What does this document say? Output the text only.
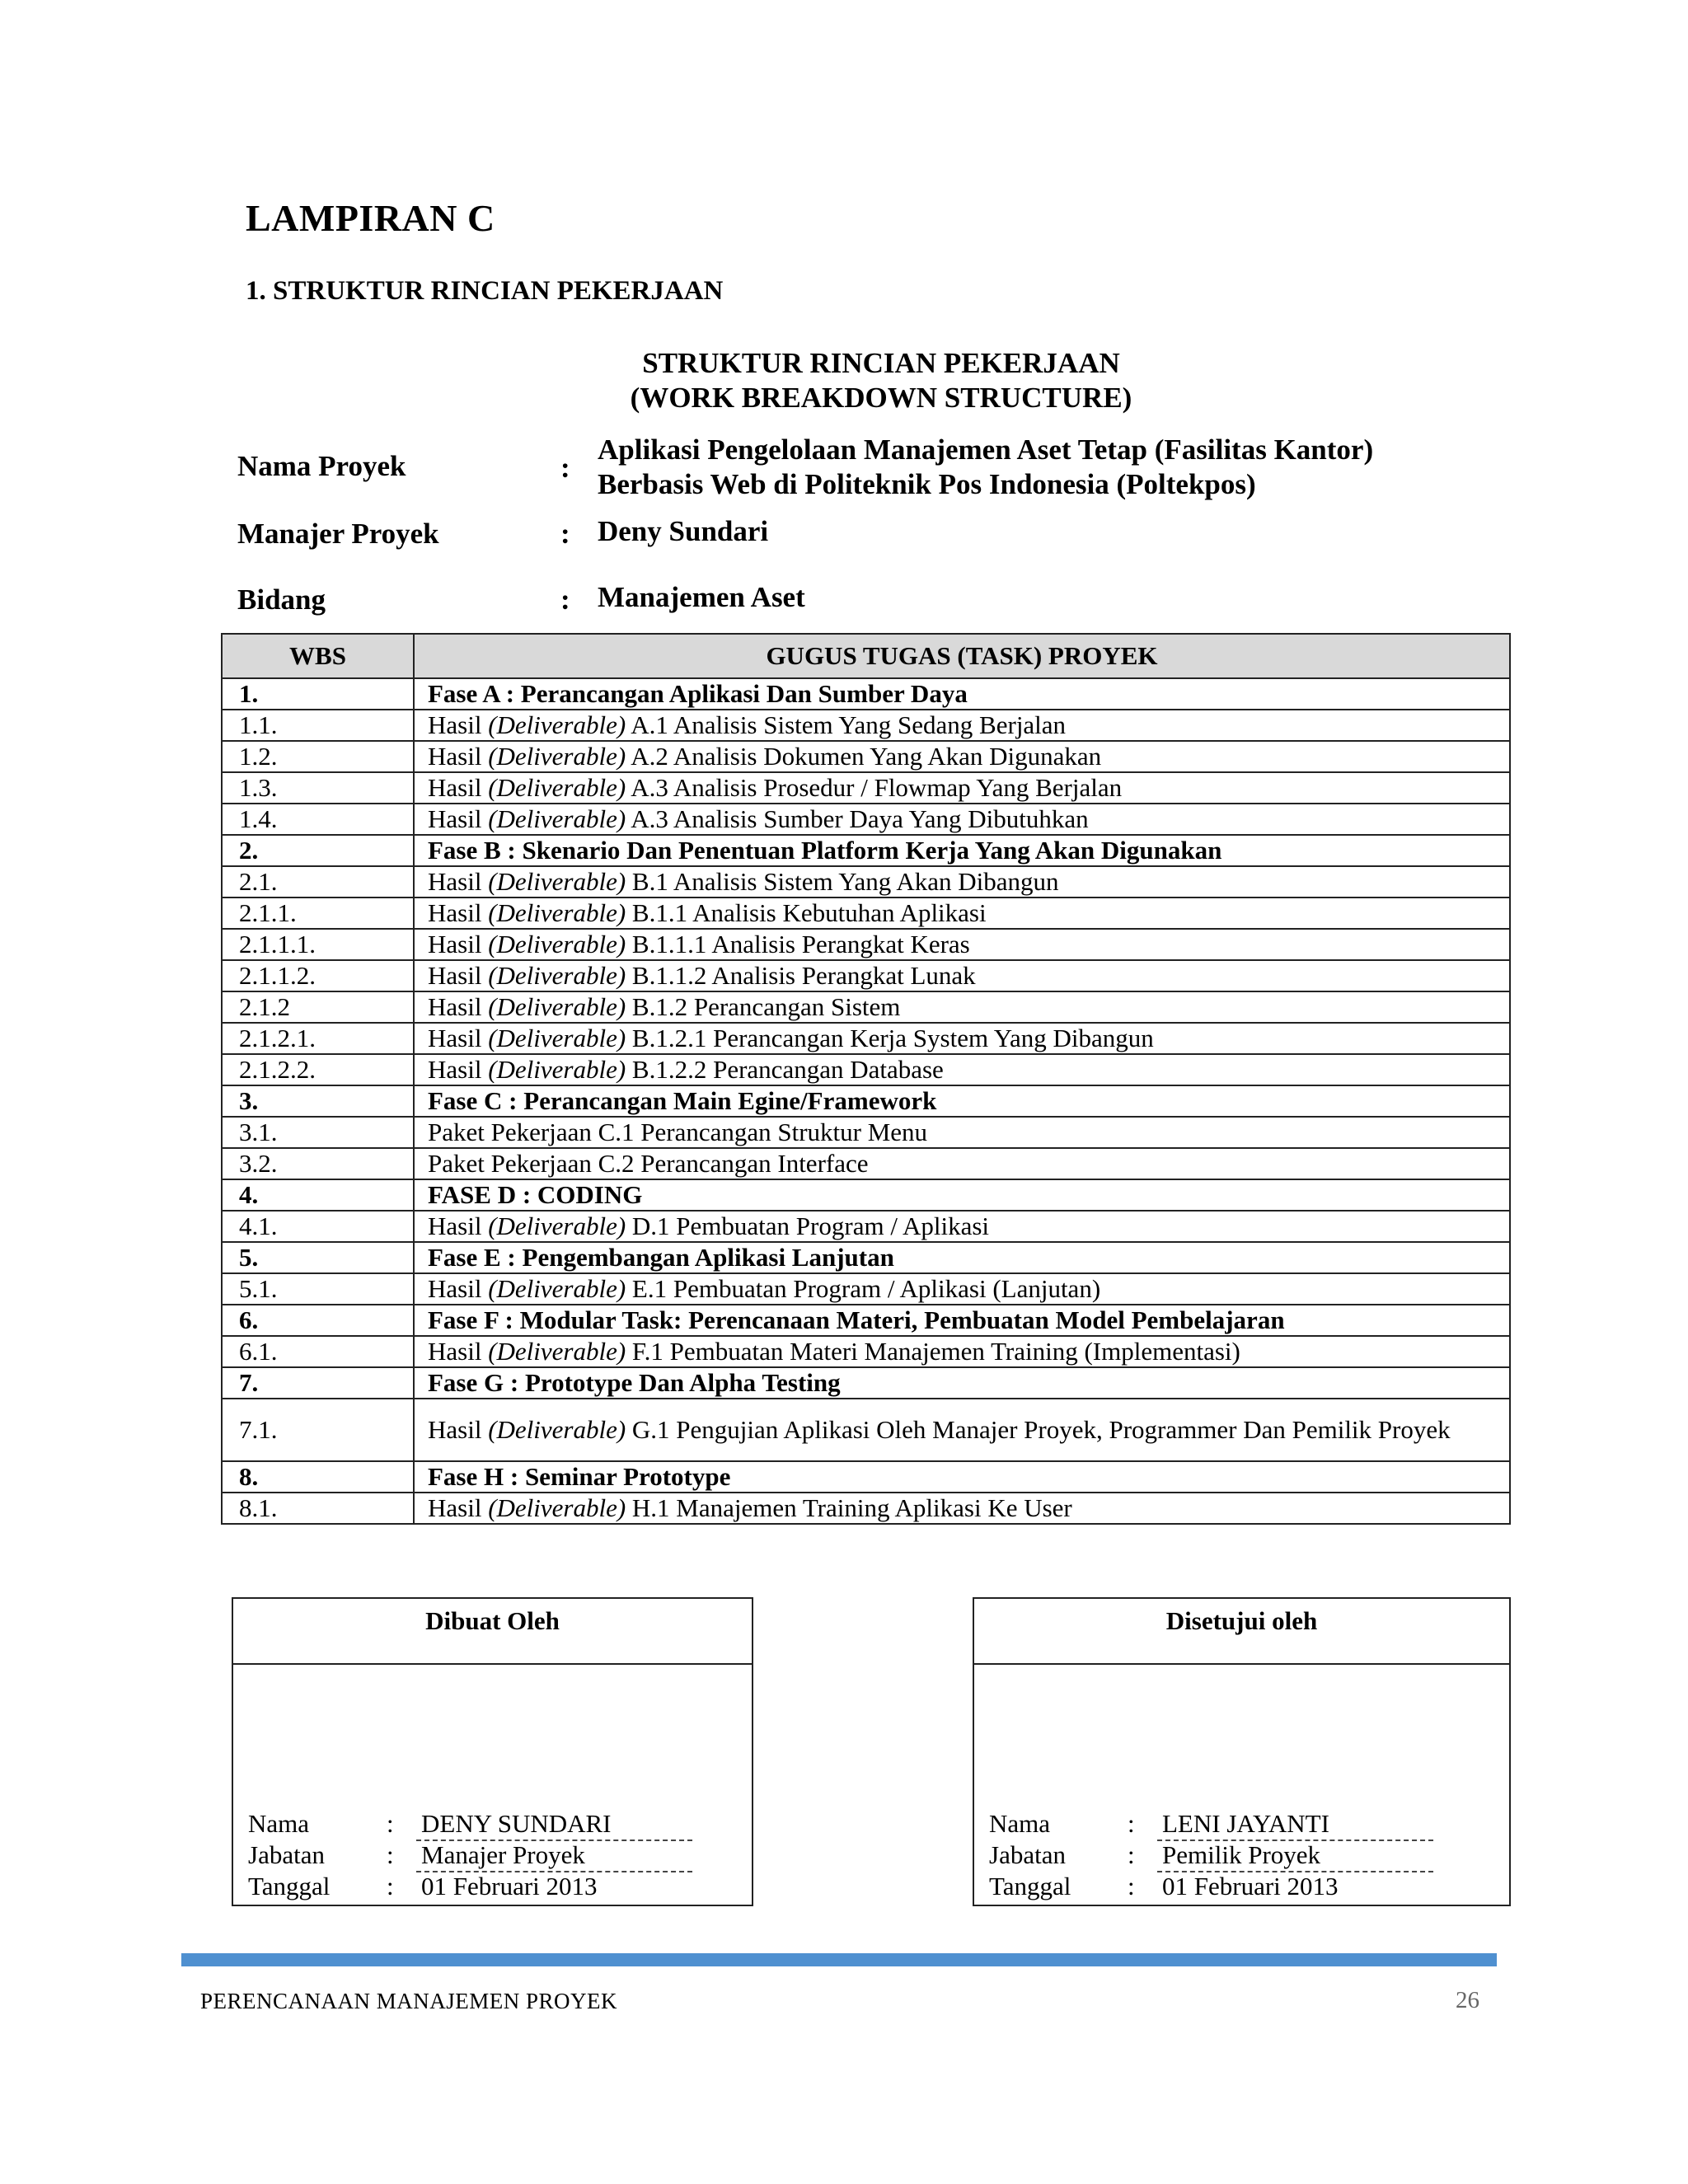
LAMPIRAN C
1. STRUKTUR RINCIAN PEKERJAAN
STRUKTUR RINCIAN PEKERJAAN
(WORK BREAKDOWN STRUCTURE)
Nama Proyek	:
Aplikasi Pengelolaan Manajemen Aset Tetap (Fasilitas Kantor)
Berbasis Web di Politeknik Pos Indonesia (Poltekpos)
Manajer Proyek	: Deny Sundari
Bidang	: Manajemen Aset
WBS	GUGUS TUGAS (TASK) PROYEK
1.	Fase A : Perancangan Aplikasi Dan Sumber Daya
1.1.	Hasil (Deliverable) A.1 Analisis Sistem Yang Sedang Berjalan
1.2.	Hasil (Deliverable) A.2 Analisis Dokumen Yang Akan Digunakan
1.3.	Hasil (Deliverable) A.3 Analisis Prosedur / Flowmap Yang Berjalan
1.4.	Hasil (Deliverable) A.3 Analisis Sumber Daya Yang Dibutuhkan
2.	Fase B : Skenario Dan Penentuan Platform Kerja Yang Akan Digunakan
2.1.	Hasil (Deliverable) B.1 Analisis Sistem Yang Akan Dibangun
2.1.1.	Hasil (Deliverable) B.1.1 Analisis Kebutuhan Aplikasi
2.1.1.1.	Hasil (Deliverable) B.1.1.1 Analisis Perangkat Keras
2.1.1.2.	Hasil (Deliverable) B.1.1.2 Analisis Perangkat Lunak
2.1.2	Hasil (Deliverable) B.1.2 Perancangan Sistem
2.1.2.1.	Hasil (Deliverable) B.1.2.1 Perancangan Kerja System Yang Dibangun
2.1.2.2.	Hasil (Deliverable) B.1.2.2 Perancangan Database
3.	Fase C : Perancangan Main Egine/Framework
3.1.	Paket Pekerjaan C.1 Perancangan Struktur Menu
3.2.	Paket Pekerjaan C.2 Perancangan Interface
4.	FASE D : CODING
4.1.	Hasil (Deliverable) D.1 Pembuatan Program / Aplikasi
5.	Fase E : Pengembangan Aplikasi Lanjutan
5.1.	Hasil (Deliverable) E.1 Pembuatan Program / Aplikasi (Lanjutan)
6.	Fase F : Modular Task: Perencanaan Materi, Pembuatan Model Pembelajaran
6.1.	Hasil (Deliverable) F.1 Pembuatan Materi Manajemen Training (Implementasi)
7.	Fase G : Prototype Dan Alpha Testing
7.1.	Hasil (Deliverable) G.1 Pengujian Aplikasi Oleh Manajer Proyek, Programmer Dan Pemilik Proyek
8.	Fase H : Seminar Prototype
8.1.	Hasil (Deliverable) H.1 Manajemen Training Aplikasi Ke User
Dibuat Oleh
Nama	: DENY SUNDARI
Jabatan : Manajer Proyek
Tanggal : 01 Februari 2013
Disetujui oleh
Nama	: LENI JAYANTI
Jabatan : Pemilik Proyek
Tanggal : 01 Februari 2013
PERENCANAAN MANAJEMEN PROYEK	26
